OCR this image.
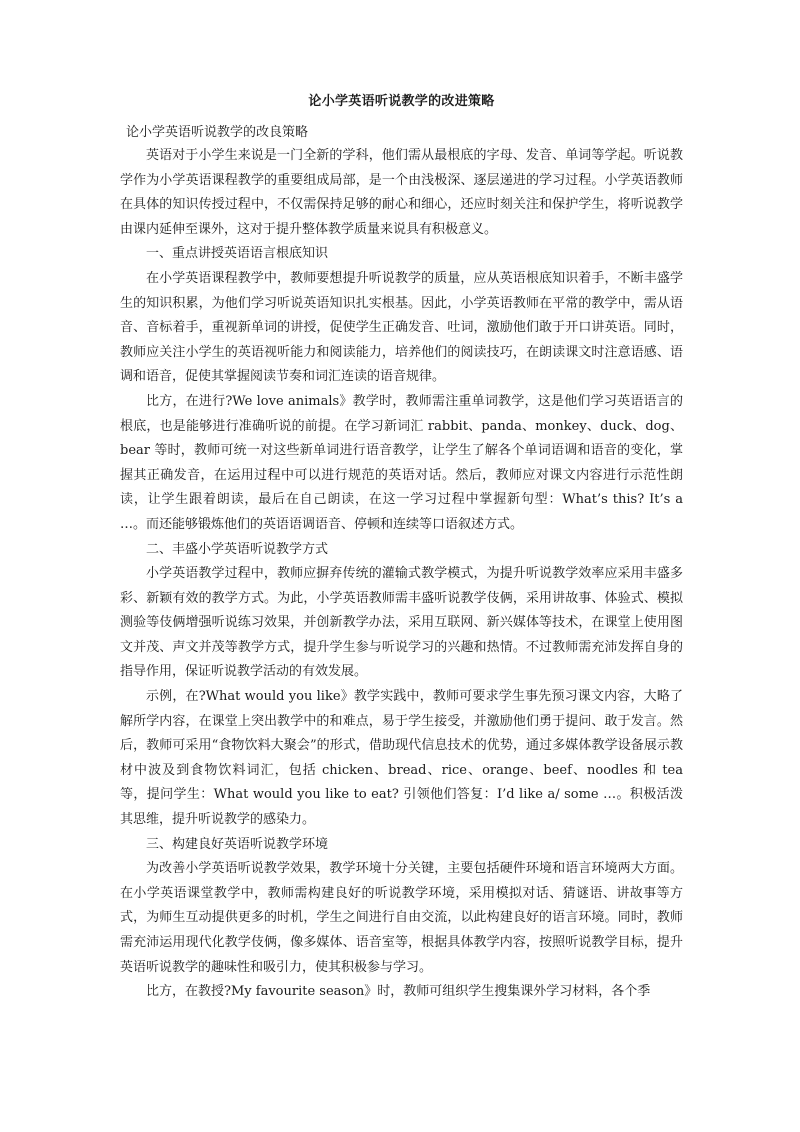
论小学英语听说教学的改进策略

论小学英语听说教学的改良策略

英语对于小学生来说是一门全新的学科，他们需从最根底的字母、发音、单词等学起。听说教学作为小学英语课程教学的重要组成局部，是一个由浅极深、逐层递进的学习过程。小学英语教师在具体的知识传授过程中，不仅需保持足够的耐心和细心，还应时刻关注和保护学生，将听说教学由课内延伸至课外，这对于提升整体教学质量来说具有积极意义。

一、重点讲授英语语言根底知识

在小学英语课程教学中，教师要想提升听说教学的质量，应从英语根底知识着手，不断丰盛学生的知识积累，为他们学习听说英语知识扎实根基。因此，小学英语教师在平常的教学中，需从语音、音标着手，重视新单词的讲授，促使学生正确发音、吐词，激励他们敢于开口讲英语。同时，教师应关注小学生的英语视听能力和阅读能力，培养他们的阅读技巧，在朗读课文时注意语感、语调和语音，促使其掌握阅读节奏和词汇连读的语音规律。

比方，在进行?We love animals》教学时，教师需注重单词教学，这是他们学习英语语言的根底，也是能够进行准确听说的前提。在学习新词汇 rabbit、panda、monkey、duck、dog、bear 等时，教师可统一对这些新单词进行语音教学，让学生了解各个单词语调和语音的变化，掌握其正确发音，在运用过程中可以进行规范的英语对话。然后，教师应对课文内容进行示范性朗读，让学生跟着朗读，最后在自己朗读，在这一学习过程中掌握新句型：What’s this? It’s a …。而还能够锻炼他们的英语语调语音、停顿和连续等口语叙述方式。

二、丰盛小学英语听说教学方式

小学英语教学过程中，教师应摒弃传统的灌输式教学模式，为提升听说教学效率应采用丰盛多彩、新颖有效的教学方式。为此，小学英语教师需丰盛听说教学伎俩，采用讲故事、体验式、模拟测验等伎俩增强听说练习效果，并创新教学办法，采用互联网、新兴媒体等技术，在课堂上使用图文并茂、声文并茂等教学方式，提升学生参与听说学习的兴趣和热情。不过教师需充沛发挥自身的指导作用，保证听说教学活动的有效发展。

示例，在?What would you like》教学实践中，教师可要求学生事先预习课文内容，大略了解所学内容，在课堂上突出教学中的和难点，易于学生接受，并激励他们勇于提问、敢于发言。然后，教师可采用“食物饮料大聚会”的形式，借助现代信息技术的优势，通过多媒体教学设备展示教材中波及到食物饮料词汇，包括 chicken、bread、rice、orange、beef、noodles 和 tea 等，提问学生：What would you like to eat? 引领他们答复：I’d like a/ some …。积极活泼其思维，提升听说教学的感染力。

三、构建良好英语听说教学环境

为改善小学英语听说教学效果，教学环境十分关键，主要包括硬件环境和语言环境两大方面。在小学英语课堂教学中，教师需构建良好的听说教学环境，采用模拟对话、猜谜语、讲故事等方式，为师生互动提供更多的时机，学生之间进行自由交流，以此构建良好的语言环境。同时，教师需充沛运用现代化教学伎俩，像多媒体、语音室等，根据具体教学内容，按照听说教学目标，提升英语听说教学的趣味性和吸引力，使其积极参与学习。

比方，在教授?My favourite season》时，教师可组织学生搜集课外学习材料，各个季
